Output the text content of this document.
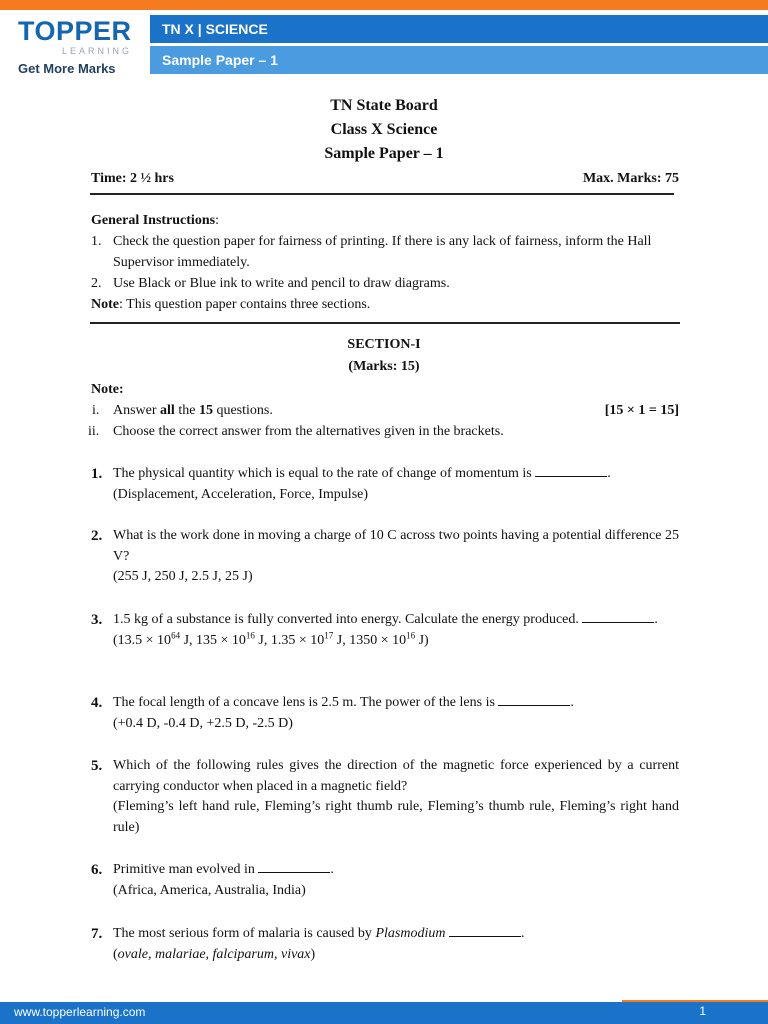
TOPPER
LEARNING
Get More Marks
TN X | SCIENCE
Sample Paper – 1
TN State Board
Class X Science
Sample Paper – 1
Time: 2 ½ hrs	Max. Marks: 75
General Instructions:
1. Check the question paper for fairness of printing. If there is any lack of fairness, inform the Hall Supervisor immediately.
2. Use Black or Blue ink to write and pencil to draw diagrams.
Note: This question paper contains three sections.
SECTION-I
(Marks: 15)
Note:
i. Answer all the 15 questions.	[15 × 1 = 15]
ii. Choose the correct answer from the alternatives given in the brackets.
1. The physical quantity which is equal to the rate of change of momentum is	.
(Displacement, Acceleration, Force, Impulse)
2. What is the work done in moving a charge of 10 C across two points having a potential difference 25 V?
(255 J, 250 J, 2.5 J, 25 J)
3. 1.5 kg of a substance is fully converted into energy. Calculate the energy produced.	.
($13.5 \times 10^{64}$ J, $135 \times 10^{16}$ J, $1.35 \times 10^{17}$ J, $1350 \times 10^{16}$ J)
4. The focal length of a concave lens is 2.5 m. The power of the lens is	.
(+0.4 D, -0.4 D, +2.5 D, -2.5 D)
5. Which of the following rules gives the direction of the magnetic force experienced by a current carrying conductor when placed in a magnetic field?
(Fleming’s left hand rule, Fleming’s right thumb rule, Fleming’s thumb rule, Fleming’s right hand rule)
6. Primitive man evolved in	.
(Africa, America, Australia, India)
7. The most serious form of malaria is caused by Plasmodium	.
(ovale, malariae, falciparum, vivax)
www.topperlearning.com	1
